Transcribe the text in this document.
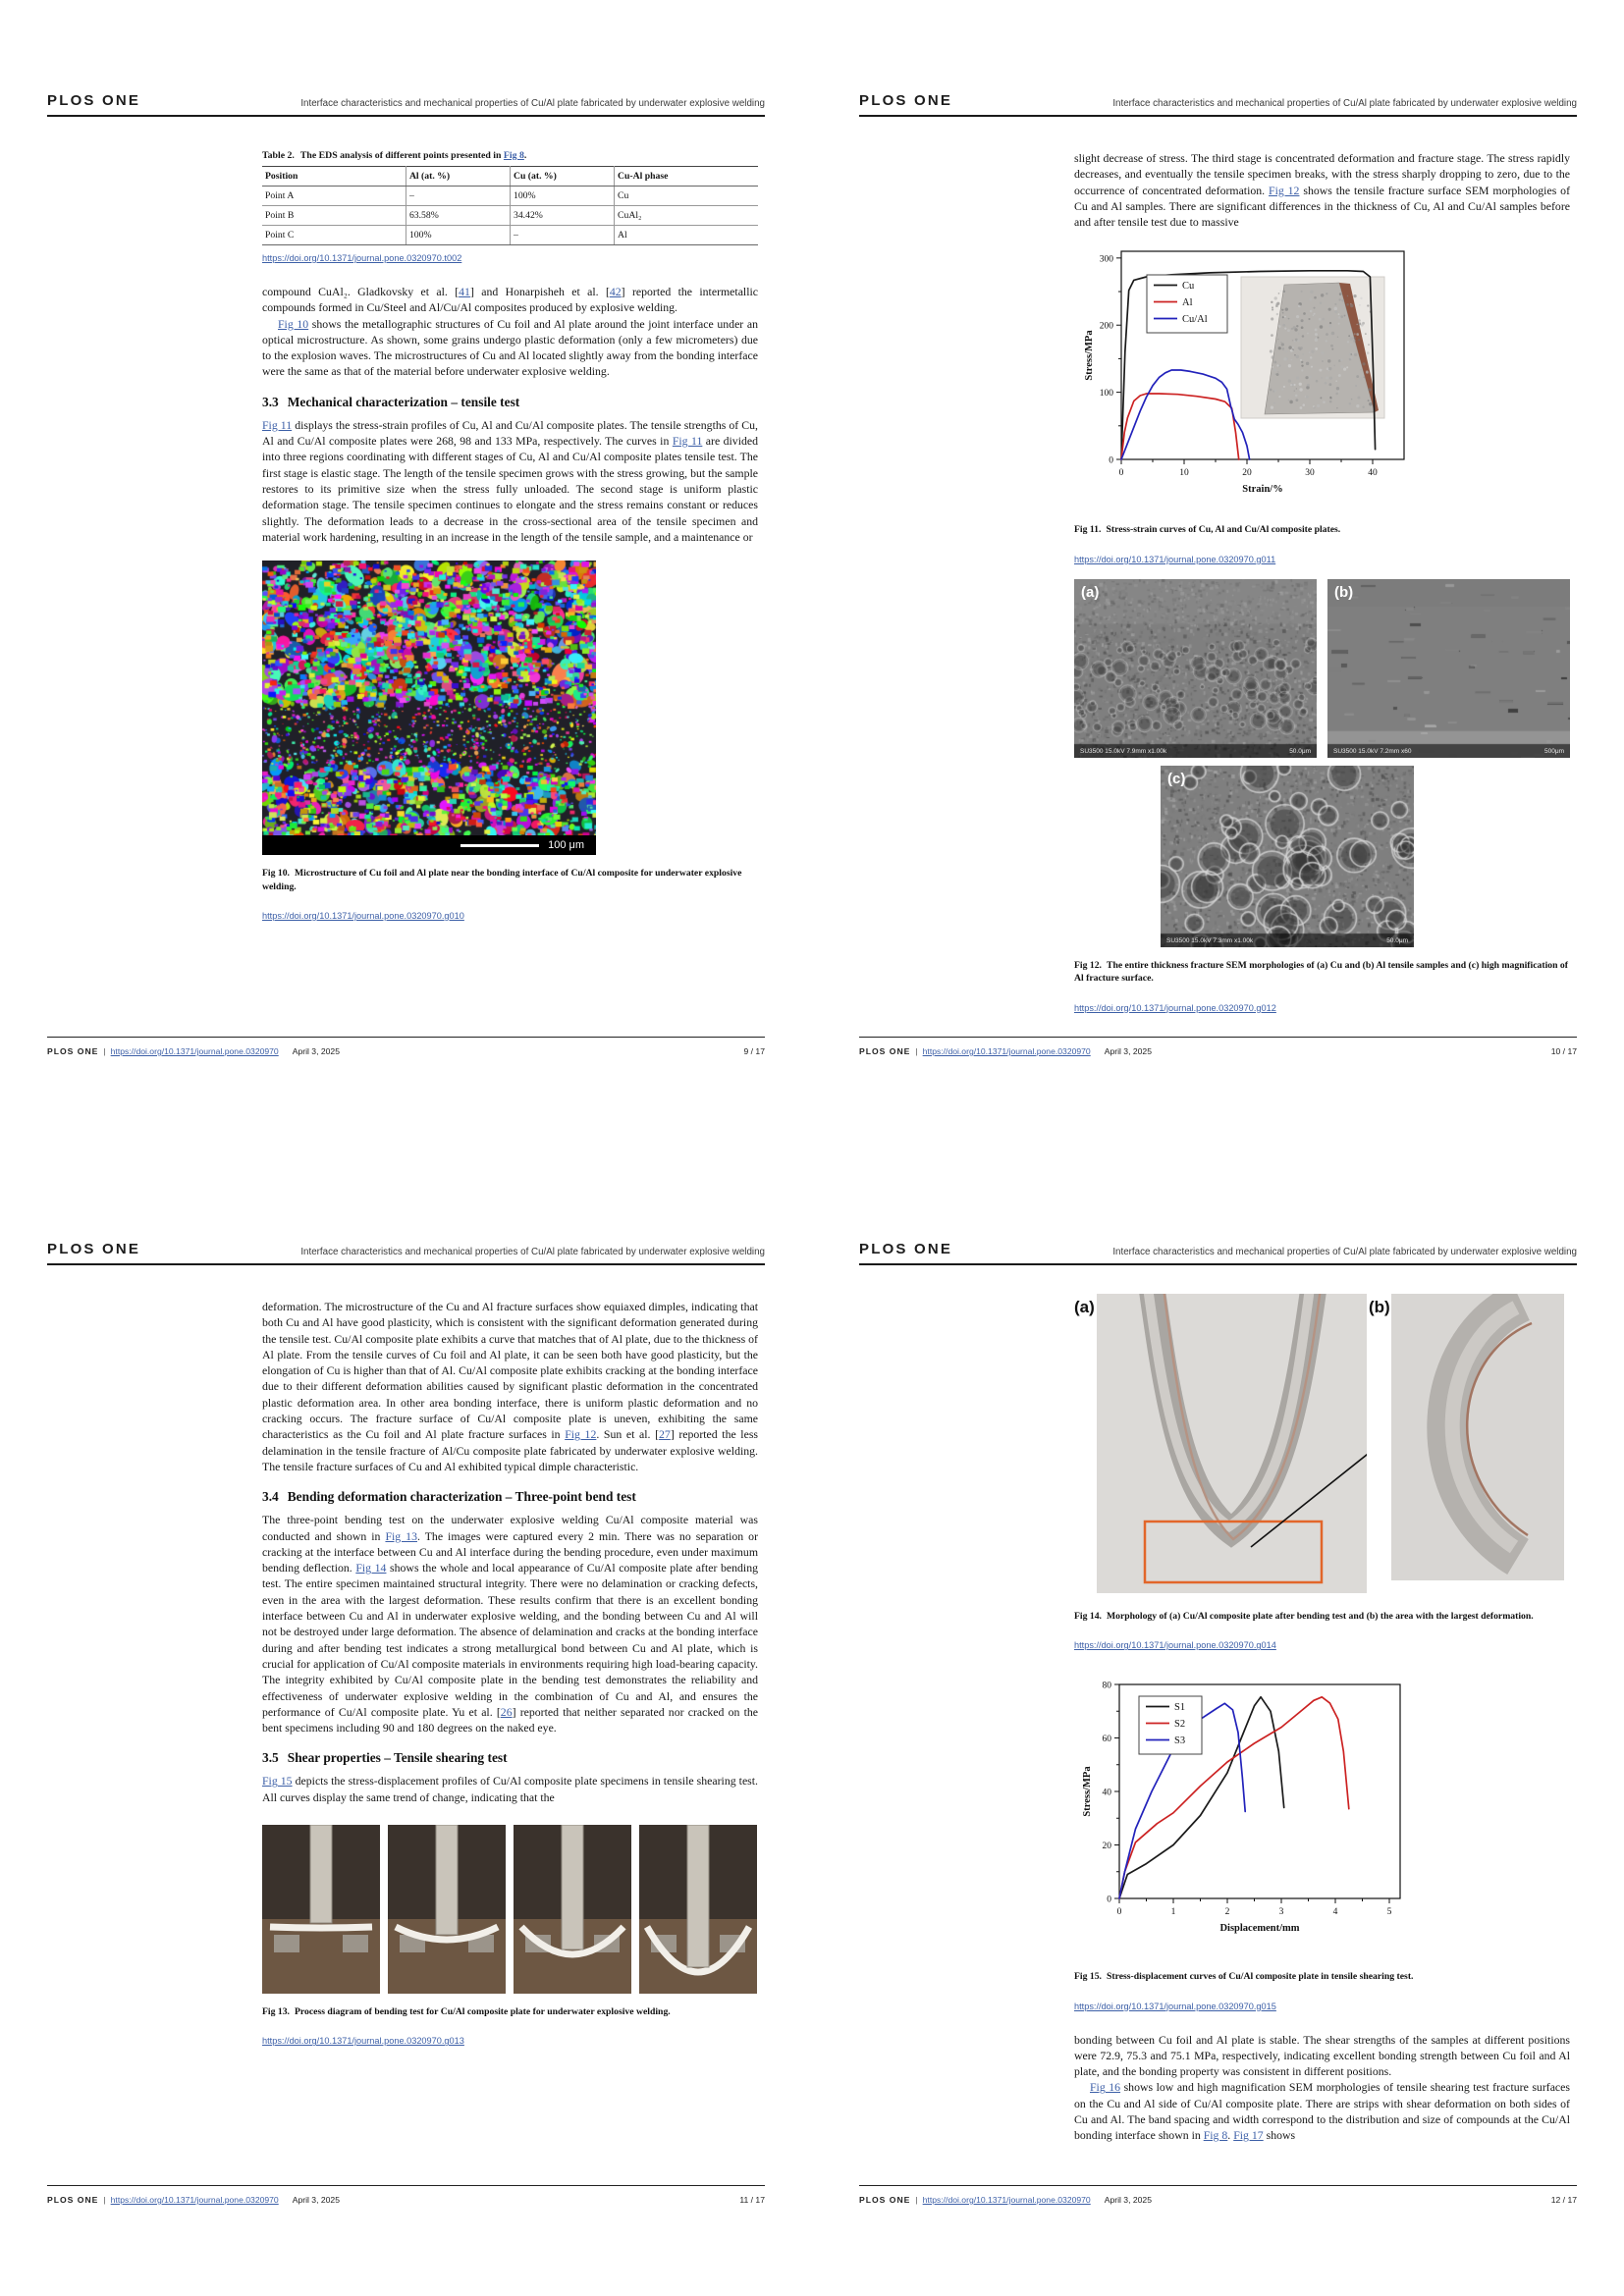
PLOS ONE	Interface characteristics and mechanical properties of Cu/Al plate fabricated by underwater explosive welding

Table 2. The EDS analysis of different points presented in Fig 8.

Position	Al (at. %)	Cu (at. %)	Cu-Al phase
Point A	–	100%	Cu
Point B	63.58%	34.42%	CuAl₂
Point C	100%	–	Al
https://doi.org/10.1371/journal.pone.0320970.t002

compound CuAl₂. Gladkovsky et al. [41] and Honarpisheh et al. [42] reported the intermetallic compounds formed in Cu/Steel and Al/Cu/Al composites produced by explosive welding.

Fig 10 shows the metallographic structures of Cu foil and Al plate around the joint interface under an optical microstructure. As shown, some grains undergo plastic deformation (only a few micrometers) due to the explosion waves. The microstructures of Cu and Al located slightly away from the bonding interface were the same as that of the material before underwater explosive welding.

3.3 Mechanical characterization – tensile test

Fig 11 displays the stress-strain profiles of Cu, Al and Cu/Al composite plates. The tensile strengths of Cu, Al and Cu/Al composite plates were 268, 98 and 133 MPa, respectively. The curves in Fig 11 are divided into three regions coordinating with different stages of Cu, Al and Cu/Al composite plates tensile test. The first stage is elastic stage. The length of the tensile specimen grows with the stress growing, but the sample restores to its primitive size when the stress fully unloaded. The second stage is uniform plastic deformation stage. The tensile specimen continues to elongate and the stress remains constant or reduces slightly. The deformation leads to a decrease in the cross-sectional area of the tensile specimen and material work hardening, resulting in an increase in the length of the tensile sample, and a maintenance or

100 μm

Fig 10. Microstructure of Cu foil and Al plate near the bonding interface of Cu/Al composite for underwater explosive welding.

https://doi.org/10.1371/journal.pone.0320970.g010
PLOS ONE | https://doi.org/10.1371/journal.pone.0320970 April 3, 2025	9 / 17
PLOS ONE	Interface characteristics and mechanical properties of Cu/Al plate fabricated by underwater explosive welding

slight decrease of stress. The third stage is concentrated deformation and fracture stage. The stress rapidly decreases, and eventually the tensile specimen breaks, with the stress sharply dropping to zero, due to the occurrence of concentrated deformation. Fig 12 shows the tensile fracture surface SEM morphologies of Cu and Al samples. There are significant differences in the thickness of Cu, Al and Cu/Al samples before and after tensile test due to massive

0	10	20	30	40
0
100
200
300
Strain/%
Stress/MPa
Cu
Al
Cu/Al

Fig 11. Stress-strain curves of Cu, Al and Cu/Al composite plates.

https://doi.org/10.1371/journal.pone.0320970.g011
(a)
SU3500 15.0kV 7.9mm x1.00k	50.0μm
(b)
SU3500 15.0kV 7.2mm x60	500μm
(c)
SU3500 15.0kV 7.3mm x1.00k	50.0μm

Fig 12. The entire thickness fracture SEM morphologies of (a) Cu and (b) Al tensile samples and (c) high magnification of Al fracture surface.

https://doi.org/10.1371/journal.pone.0320970.g012
PLOS ONE | https://doi.org/10.1371/journal.pone.0320970 April 3, 2025	10 / 17
PLOS ONE	Interface characteristics and mechanical properties of Cu/Al plate fabricated by underwater explosive welding

deformation. The microstructure of the Cu and Al fracture surfaces show equiaxed dimples, indicating that both Cu and Al have good plasticity, which is consistent with the significant deformation generated during the tensile test. Cu/Al composite plate exhibits a curve that matches that of Al plate, due to the thickness of Al plate. From the tensile curves of Cu foil and Al plate, it can be seen both have good plasticity, but the elongation of Cu is higher than that of Al. Cu/Al composite plate exhibits cracking at the bonding interface due to their different deformation abilities caused by significant plastic deformation in the concentrated plastic deformation area. In other area bonding interface, there is uniform plastic deformation and no cracking occurs. The fracture surface of Cu/Al composite plate is uneven, exhibiting the same characteristics as the Cu foil and Al plate fracture surfaces in Fig 12. Sun et al. [27] reported the less delamination in the tensile fracture of Al/Cu composite plate fabricated by underwater explosive welding. The tensile fracture surfaces of Cu and Al exhibited typical dimple characteristic.

3.4 Bending deformation characterization – Three-point bend test

The three-point bending test on the underwater explosive welding Cu/Al composite material was conducted and shown in Fig 13. The images were captured every 2 min. There was no separation or cracking at the interface between Cu and Al interface during the bending procedure, even under maximum bending deflection. Fig 14 shows the whole and local appearance of Cu/Al composite plate after bending test. The entire specimen maintained structural integrity. There were no delamination or cracking defects, even in the area with the largest deformation. These results confirm that there is an excellent bonding interface between Cu and Al in underwater explosive welding, and the bonding between Cu and Al will not be destroyed under large deformation. The absence of delamination and cracks at the bonding interface during and after bending test indicates a strong metallurgical bond between Cu and Al plate, which is crucial for application of Cu/Al composite materials in environments requiring high load-bearing capacity. The integrity exhibited by Cu/Al composite plate in the bending test demonstrates the reliability and effectiveness of underwater explosive welding in the combination of Cu and Al, and ensures the performance of Cu/Al composite plate. Yu et al. [26] reported that neither separated nor cracked on the bent specimens including 90 and 180 degrees on the naked eye.

3.5 Shear properties – Tensile shearing test

Fig 15 depicts the stress-displacement profiles of Cu/Al composite plate specimens in tensile shearing test. All curves display the same trend of change, indicating that the

Fig 13. Process diagram of bending test for Cu/Al composite plate for underwater explosive welding.

https://doi.org/10.1371/journal.pone.0320970.g013
PLOS ONE | https://doi.org/10.1371/journal.pone.0320970 April 3, 2025	11 / 17
PLOS ONE	Interface characteristics and mechanical properties of Cu/Al plate fabricated by underwater explosive welding
(a)	(b)

Fig 14. Morphology of (a) Cu/Al composite plate after bending test and (b) the area with the largest deformation.

https://doi.org/10.1371/journal.pone.0320970.g014
0	1	2	3	4	5
0
20
40
60
80
Displacement/mm
Stress/MPa
S1
S2
S3

Fig 15. Stress-displacement curves of Cu/Al composite plate in tensile shearing test.

https://doi.org/10.1371/journal.pone.0320970.g015

bonding between Cu foil and Al plate is stable. The shear strengths of the samples at different positions were 72.9, 75.3 and 75.1 MPa, respectively, indicating excellent bonding strength between Cu foil and Al plate, and the bonding property was consistent in different positions.

Fig 16 shows low and high magnification SEM morphologies of tensile shearing test fracture surfaces on the Cu and Al side of Cu/Al composite plate. There are strips with shear deformation on both sides of Cu and Al. The band spacing and width correspond to the distribution and size of compounds at the Cu/Al bonding interface shown in Fig 8. Fig 17 shows

PLOS ONE | https://doi.org/10.1371/journal.pone.0320970 April 3, 2025	12 / 17
